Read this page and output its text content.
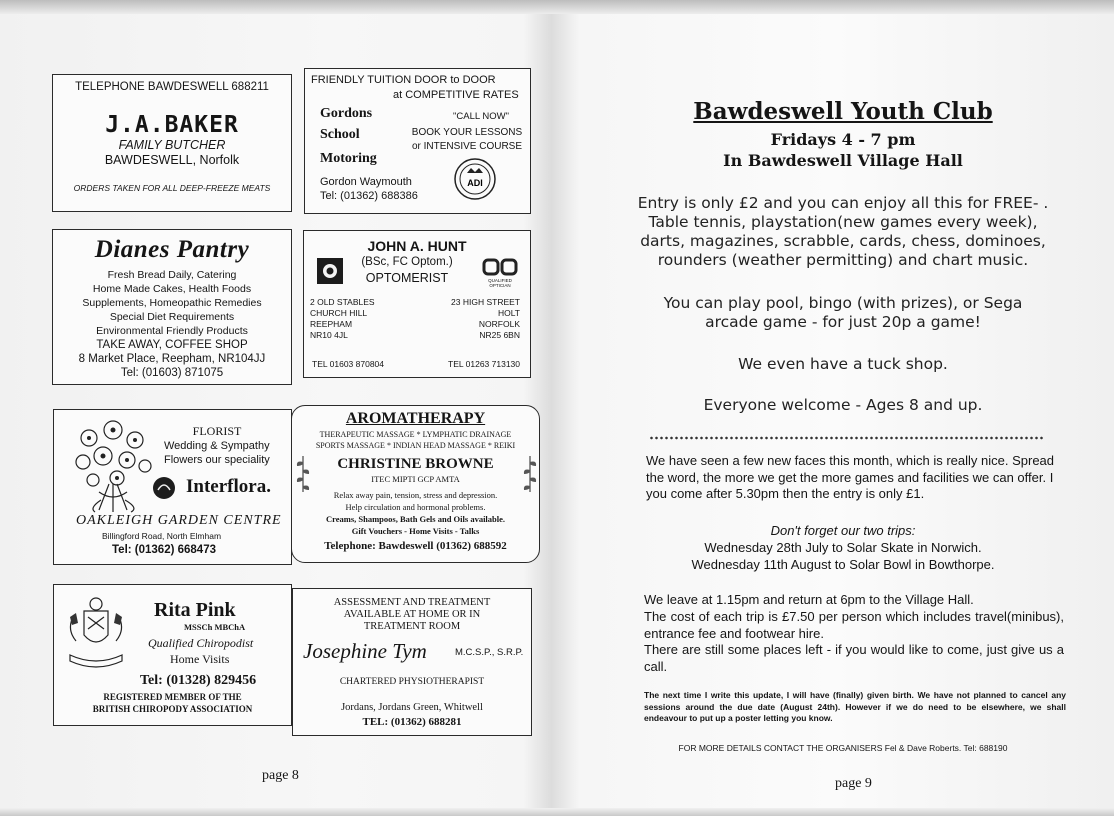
TELEPHONE BAWDESWELL 688211
J.A.BAKER
FAMILY BUTCHER
BAWDESWELL, Norfolk
ORDERS TAKEN FOR ALL DEEP-FREEZE MEATS
FRIENDLY TUITION DOOR to DOOR
at COMPETITIVE RATES
Gordons
School
Motoring
"CALL NOW"
BOOK YOUR LESSONS
or INTENSIVE COURSE
Gordon Waymouth
Tel: (01362) 688386
ADI
Dianes Pantry
Fresh Bread Daily, Catering
Home Made Cakes, Health Foods
Supplements, Homeopathic Remedies
Special Diet Requirements
Environmental Friendly Products
TAKE AWAY, COFFEE SHOP
8 Market Place, Reepham, NR104JJ
Tel: (01603) 871075
JOHN A. HUNT
(BSc, FC Optom.)
OPTOMERIST	QUALIFIED OPTICIAN
2 OLD STABLES
CHURCH HILL
REEPHAM
NR10 4JL
23 HIGH STREET
HOLT
NORFOLK
NR25 6BN
TEL 01603 870804	TEL 01263 713130
FLORIST
Wedding & Sympathy
Flowers our speciality
Interflora.
OAKLEIGH GARDEN CENTRE
Billingford Road, North Elmham
Tel: (01362) 668473
AROMATHERAPY
THERAPEUTIC MASSAGE * LYMPHATIC DRAINAGE
SPORTS MASSAGE * INDIAN HEAD MASSAGE * REIKI
CHRISTINE BROWNE
ITEC MIPTI GCP AMTA
Relax away pain, tension, stress and depression.
Help circulation and hormonal problems.
Creams, Shampoos, Bath Gels and Oils available.
Gift Vouchers - Home Visits - Talks
Telephone: Bawdeswell (01362) 688592
Rita Pink
MSSCh MBChA
Qualified Chiropodist
Home Visits
Tel: (01328) 829456
REGISTERED MEMBER OF THE
BRITISH CHIROPODY ASSOCIATION
ASSESSMENT AND TREATMENT
AVAILABLE AT HOME OR IN
TREATMENT ROOM
Josephine Tym	M.C.S.P., S.R.P.
CHARTERED PHYSIOTHERAPIST
Jordans, Jordans Green, Whitwell
TEL: (01362) 688281
page 8
Bawdeswell Youth Club
Fridays 4 - 7 pm
In Bawdeswell Village Hall
Entry is only £2 and you can enjoy all this for FREE- .
Table tennis, playstation(new games every week),
darts, magazines, scrabble, cards, chess, dominoes,
rounders (weather permitting) and chart music.
You can play pool, bingo (with prizes), or Sega
arcade game - for just 20p a game!
We even have a tuck shop.
Everyone welcome - Ages 8 and up.
We have seen a few new faces this month, which is really nice. Spread the word, the more we get the more games and facilities we can offer. I you come after 5.30pm then the entry is only £1.
Don't forget our two trips:
Wednesday 28th July to Solar Skate in Norwich.
Wednesday 11th August to Solar Bowl in Bowthorpe.
We leave at 1.15pm and return at 6pm to the Village Hall.
The cost of each trip is £7.50 per person which includes travel(minibus), entrance fee and footwear hire.
There are still some places left - if you would like to come, just give us a call.
The next time I write this update, I will have (finally) given birth. We have not planned to cancel any sessions around the due date (August 24th). However if we do need to be elsewhere, we shall endeavour to put up a poster letting you know.
FOR MORE DETAILS CONTACT THE ORGANISERS Fel & Dave Roberts. Tel: 688190
page 9
